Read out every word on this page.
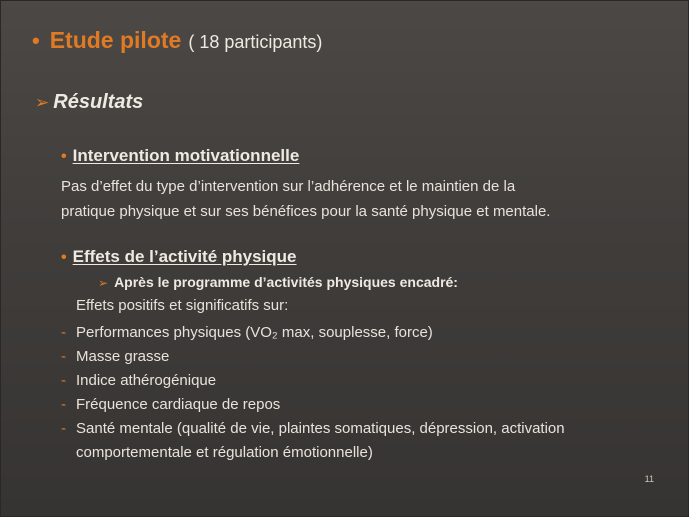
• Etude pilote ( 18 participants)
➢ Résultats
• Intervention motivationnelle
Pas d’effet du type d’intervention sur l’adhérence et le maintien de la
pratique physique et sur ses bénéfices pour la santé physique et mentale.
• Effets de l’activité physique
➢ Après le programme d’activités physiques encadré:
Effets positifs et significatifs sur:
- Performances physiques (VO₂ max, souplesse, force)
- Masse grasse
- Indice athérogénique
- Fréquence cardiaque de repos
- Santé mentale (qualité de vie, plaintes somatiques, dépression, activation comportementale et régulation émotionnelle)
11
